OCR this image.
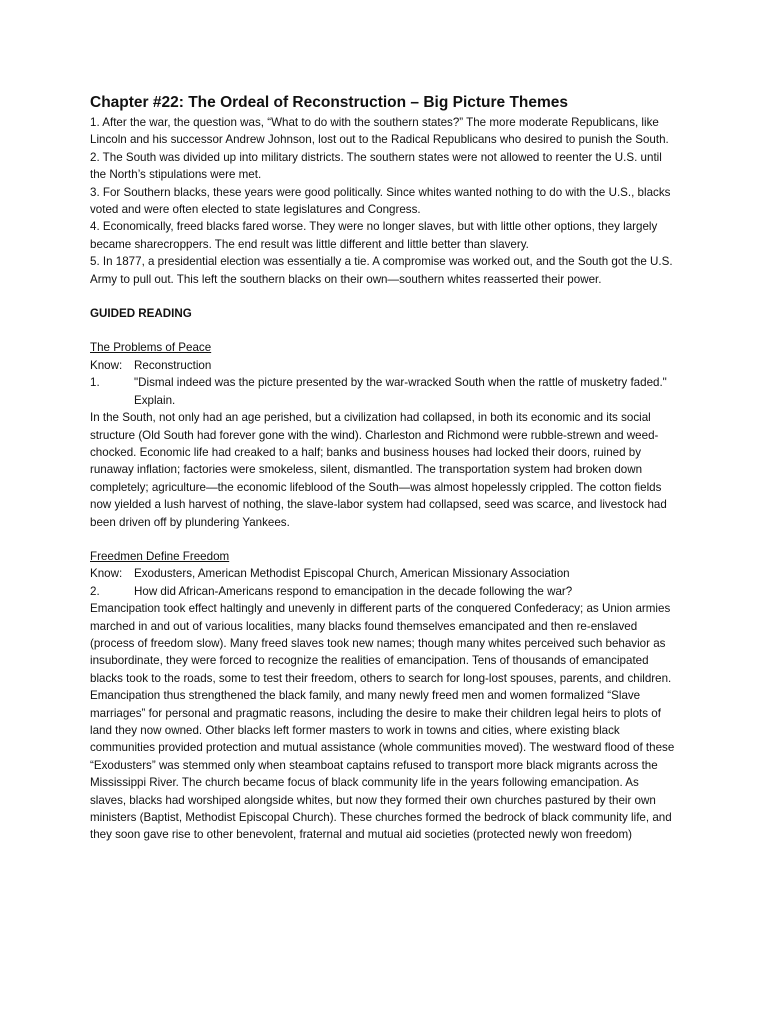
Chapter #22: The Ordeal of Reconstruction – Big Picture Themes

1. After the war, the question was, “What to do with the southern states?” The more moderate Republicans, like Lincoln and his successor Andrew Johnson, lost out to the Radical Republicans who desired to punish the South.

2. The South was divided up into military districts. The southern states were not allowed to reenter the U.S. until the North’s stipulations were met.

3. For Southern blacks, these years were good politically. Since whites wanted nothing to do with the U.S., blacks voted and were often elected to state legislatures and Congress.

4. Economically, freed blacks fared worse. They were no longer slaves, but with little other options, they largely became sharecroppers. The end result was little different and little better than slavery.

5. In 1877, a presidential election was essentially a tie. A compromise was worked out, and the South got the U.S. Army to pull out. This left the southern blacks on their own—southern whites reasserted their power.

GUIDED READING

The Problems of Peace

Know:	Reconstruction
1.	"Dismal indeed was the picture presented by the war-wracked South when the rattle of musketry faded." Explain.

In the South, not only had an age perished, but a civilization had collapsed, in both its economic and its social structure (Old South had forever gone with the wind). Charleston and Richmond were rubble-strewn and weed-chocked. Economic life had creaked to a half; banks and business houses had locked their doors, ruined by runaway inflation; factories were smokeless, silent, dismantled. The transportation system had broken down completely; agriculture—the economic lifeblood of the South—was almost hopelessly crippled. The cotton fields now yielded a lush harvest of nothing, the slave-labor system had collapsed, seed was scarce, and livestock had been driven off by plundering Yankees.

Freedmen Define Freedom

Know:	Exodusters, American Methodist Episcopal Church, American Missionary Association
2.	How did African-Americans respond to emancipation in the decade following the war?

Emancipation took effect haltingly and unevenly in different parts of the conquered Confederacy; as Union armies marched in and out of various localities, many blacks found themselves emancipated and then re-enslaved (process of freedom slow). Many freed slaves took new names; though many whites perceived such behavior as insubordinate, they were forced to recognize the realities of emancipation. Tens of thousands of emancipated blacks took to the roads, some to test their freedom, others to search for long-lost spouses, parents, and children. Emancipation thus strengthened the black family, and many newly freed men and women formalized “Slave marriages” for personal and pragmatic reasons, including the desire to make their children legal heirs to plots of land they now owned. Other blacks left former masters to work in towns and cities, where existing black communities provided protection and mutual assistance (whole communities moved). The westward flood of these “Exodusters” was stemmed only when steamboat captains refused to transport more black migrants across the Mississippi River. The church became focus of black community life in the years following emancipation. As slaves, blacks had worshiped alongside whites, but now they formed their own churches pastured by their own ministers (Baptist, Methodist Episcopal Church). These churches formed the bedrock of black community life, and they soon gave rise to other benevolent, fraternal and mutual aid societies (protected newly won freedom)
